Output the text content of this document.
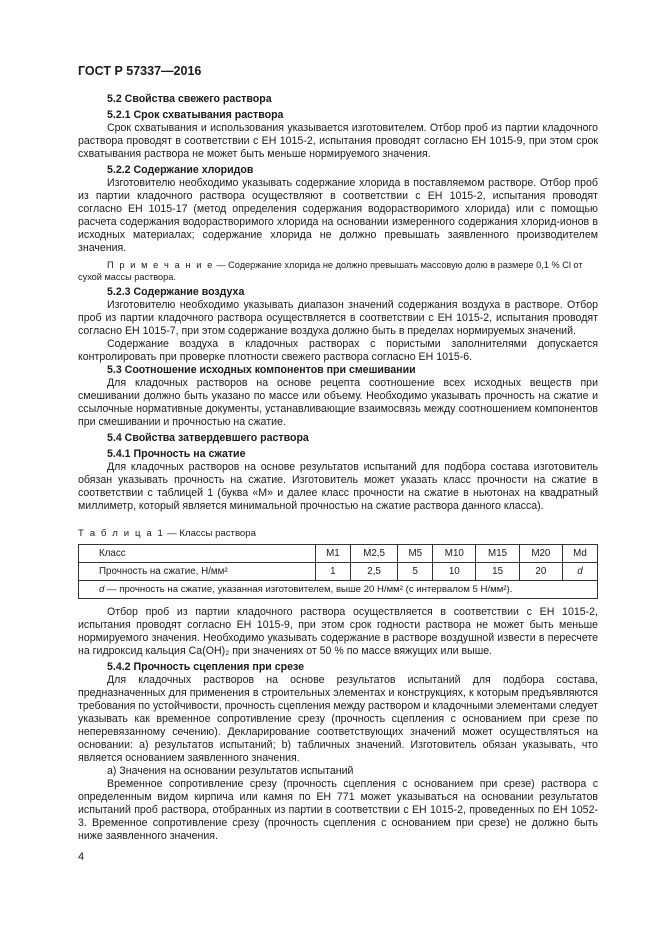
ГОСТ Р 57337—2016
5.2 Свойства свежего раствора
5.2.1 Срок схватывания раствора

Срок схватывания и использования указывается изготовителем. Отбор проб из партии кладочного раствора проводят в соответствии с ЕН 1015-2, испытания проводят согласно ЕН 1015-9, при этом срок схватывания раствора не может быть меньше нормируемого значения.

5.2.2 Содержание хлоридов

Изготовителю необходимо указывать содержание хлорида в поставляемом растворе. Отбор проб из партии кладочного раствора осуществляют в соответствии с ЕН 1015-2, испытания проводят согласно ЕН 1015-17 (метод определения содержания водорастворимого хлорида) или с помощью расчета содержания водорастворимого хлорида на основании измеренного содержания хлорид-ионов в исходных материалах; содержание хлорида не должно превышать заявленного производителем значения.

П р и м е ч а н и е — Содержание хлорида не должно превышать массовую долю в размере 0,1 % Cl от сухой массы раствора.
5.2.3 Содержание воздуха

Изготовителю необходимо указывать диапазон значений содержания воздуха в растворе. Отбор проб из партии кладочного раствора осуществляется в соответствии с ЕН 1015-2, испытания проводят согласно ЕН 1015-7, при этом содержание воздуха должно быть в пределах нормируемых значений.

Содержание воздуха в кладочных растворах с пористыми заполнителями допускается контролировать при проверке плотности свежего раствора согласно ЕН 1015-6.

5.3 Соотношение исходных компонентов при смешивании

Для кладочных растворов на основе рецепта соотношение всех исходных веществ при смешивании должно быть указано по массе или объему. Необходимо указывать прочность на сжатие и ссылочные нормативные документы, устанавливающие взаимосвязь между соотношением компонентов при смешивании и прочностью на сжатие.

5.4 Свойства затвердевшего раствора
5.4.1 Прочность на сжатие

Для кладочных растворов на основе результатов испытаний для подбора состава изготовитель обязан указывать прочность на сжатие. Изготовитель может указать класс прочности на сжатие в соответствии с таблицей 1 (буква «М» и далее класс прочности на сжатие в ньютонах на квадратный миллиметр, который является минимальной прочностью на сжатие раствора данного класса).

Т а б л и ц а 1 — Классы раствора
Класс	M1	M2,5	M5	M10	M15	M20	Md
Прочность на сжатие, Н/мм²	1	2,5	5	10	15	20	d
d — прочность на сжатие, указанная изготовителем, выше 20 Н/мм² (с интервалом 5 Н/мм²).							

Отбор проб из партии кладочного раствора осуществляется в соответствии с ЕН 1015-2, испытания проводят согласно ЕН 1015-9, при этом срок годности раствора не может быть меньше нормируемого значения. Необходимо указывать содержание в растворе воздушной извести в пересчете на гидроксид кальция Ca(OH)₂ при значениях от 50 % по массе вяжущих или выше.

5.4.2 Прочность сцепления при срезе

Для кладочных растворов на основе результатов испытаний для подбора состава, предназначенных для применения в строительных элементах и конструкциях, к которым предъявляются требования по устойчивости, прочность сцепления между раствором и кладочными элементами следует указывать как временное сопротивление срезу (прочность сцепления с основанием при срезе по неперевязанному сечению). Декларирование соответствующих значений может осуществляться на основании: a) результатов испытаний; b) табличных значений. Изготовитель обязан указывать, что является основанием заявленного значения.

а) Значения на основании результатов испытаний

Временное сопротивление срезу (прочность сцепления с основанием при срезе) раствора с определенным видом кирпича или камня по ЕН 771 может указываться на основании результатов испытаний проб раствора, отобранных из партии в соответствии с ЕН 1015-2, проведенных по ЕН 1052-3. Временное сопротивление срезу (прочность сцепления с основанием при срезе) не должно быть ниже заявленного значения.

4
